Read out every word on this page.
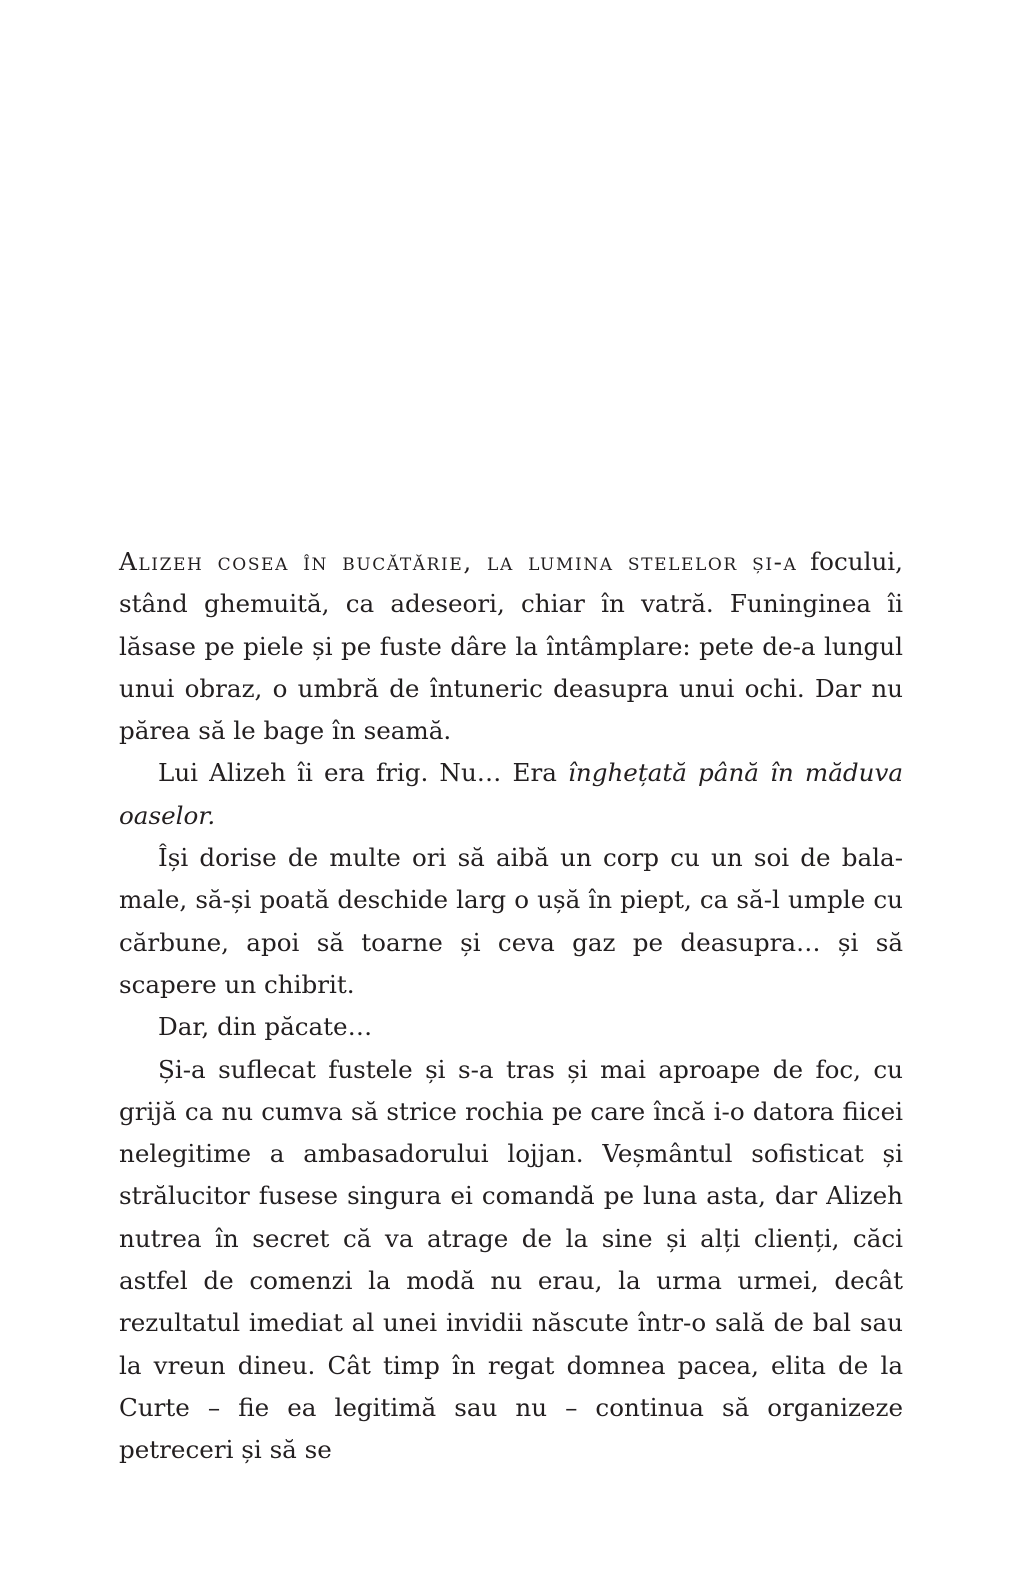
Alizeh cosea în bucătărie, la lumina stelelor și-a focului, stând ghemuită, ca adeseori, chiar în vatră. Funinginea îi lăsase pe piele și pe fuste dâre la întâmplare: pete de-a lungul unui obraz, o umbră de întuneric deasupra unui ochi. Dar nu părea să le bage în seamă.

Lui Alizeh îi era frig. Nu… Era înghețată până în măduva oaselor.

Își dorise de multe ori să aibă un corp cu un soi de balamale, să-și poată deschide larg o ușă în piept, ca să-l umple cu cărbune, apoi să toarne și ceva gaz pe deasupra… și să scapere un chibrit.

Dar, din păcate…

Și-a suflecat fustele și s-a tras și mai aproape de foc, cu grijă ca nu cumva să strice rochia pe care încă i-o datora fiicei nelegitime a ambasadorului lojjan. Veșmântul sofisticat și strălucitor fusese singura ei comandă pe luna asta, dar Alizeh nutrea în secret că va atrage de la sine și alți clienți, căci astfel de comenzi la modă nu erau, la urma urmei, decât rezultatul imediat al unei invidii născute într-o sală de bal sau la vreun dineu. Cât timp în regat domnea pacea, elita de la Curte – fie ea legitimă sau nu – continua să organizeze petreceri și să se
